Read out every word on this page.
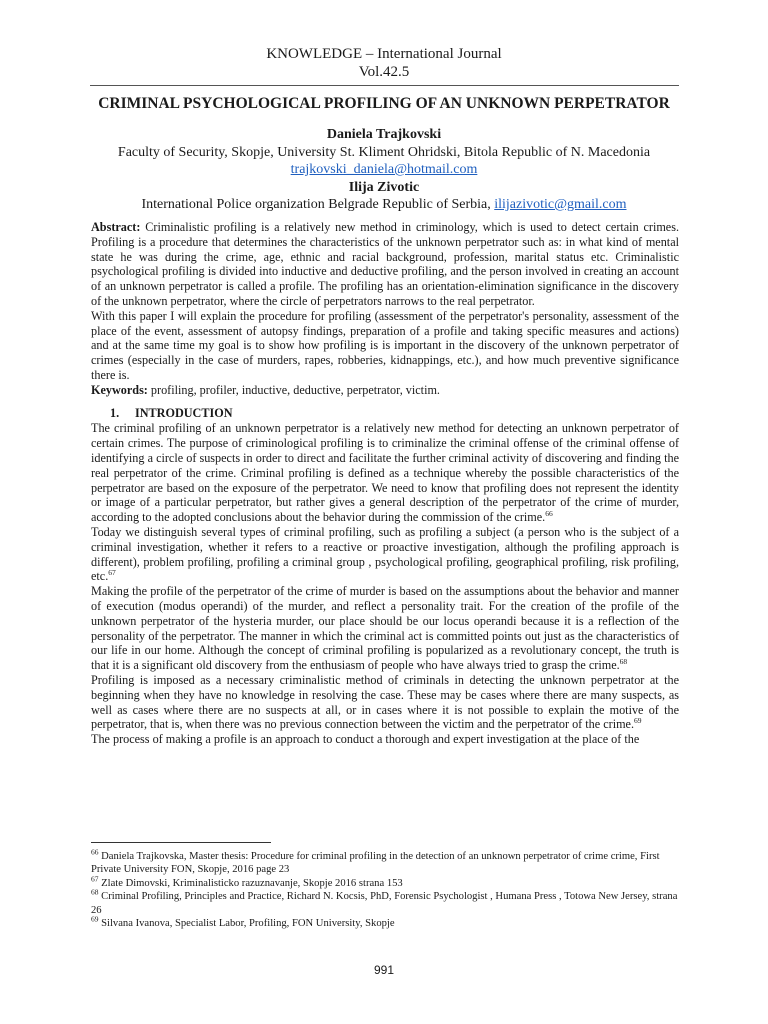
KNOWLEDGE – International Journal
Vol.42.5
CRIMINAL PSYCHOLOGICAL PROFILING OF AN UNKNOWN PERPETRATOR
Daniela Trajkovski
Faculty of Security, Skopje, University St. Kliment Ohridski, Bitola Republic of N. Macedonia
trajkovski_daniela@hotmail.com
Ilija Zivotic
International Police organization Belgrade Republic of Serbia, ilijazivotic@gmail.com

Abstract: Criminalistic profiling is a relatively new method in criminology, which is used to detect certain crimes. Profiling is a procedure that determines the characteristics of the unknown perpetrator such as: in what kind of mental state he was during the crime, age, ethnic and racial background, profession, marital status etc. Criminalistic psychological profiling is divided into inductive and deductive profiling, and the person involved in creating an account of an unknown perpetrator is called a profile. The profiling has an orientation-elimination significance in the discovery of the unknown perpetrator, where the circle of perpetrators narrows to the real perpetrator.

With this paper I will explain the procedure for profiling (assessment of the perpetrator's personality, assessment of the place of the event, assessment of autopsy findings, preparation of a profile and taking specific measures and actions) and at the same time my goal is to show how profiling is is important in the discovery of the unknown perpetrator of crimes (especially in the case of murders, rapes, robberies, kidnappings, etc.), and how much preventive significance there is.

Keywords: profiling, profiler, inductive, deductive, perpetrator, victim.

1. INTRODUCTION

The criminal profiling of an unknown perpetrator is a relatively new method for detecting an unknown perpetrator of certain crimes. The purpose of criminological profiling is to criminalize the criminal offense of the criminal offense of identifying a circle of suspects in order to direct and facilitate the further criminal activity of discovering and finding the real perpetrator of the crime. Criminal profiling is defined as a technique whereby the possible characteristics of the perpetrator are based on the exposure of the perpetrator. We need to know that profiling does not represent the identity or image of a particular perpetrator, but rather gives a general description of the perpetrator of the crime of murder, according to the adopted conclusions about the behavior during the commission of the crime.$^{66}$

Today we distinguish several types of criminal profiling, such as profiling a subject (a person who is the subject of a criminal investigation, whether it refers to a reactive or proactive investigation, although the profiling approach is different), problem profiling, profiling a criminal group , psychological profiling, geographical profiling, risk profiling, etc.$^{67}$

Making the profile of the perpetrator of the crime of murder is based on the assumptions about the behavior and manner of execution (modus operandi) of the murder, and reflect a personality trait. For the creation of the profile of the unknown perpetrator of the hysteria murder, our place should be our locus operandi because it is a reflection of the personality of the perpetrator. The manner in which the criminal act is committed points out just as the characteristics of our life in our home. Although the concept of criminal profiling is popularized as a revolutionary concept, the truth is that it is a significant old discovery from the enthusiasm of people who have always tried to grasp the crime.$^{68}$

Profiling is imposed as a necessary criminalistic method of criminals in detecting the unknown perpetrator at the beginning when they have no knowledge in resolving the case. These may be cases where there are many suspects, as well as cases where there are no suspects at all, or in cases where it is not possible to explain the motive of the perpetrator, that is, when there was no previous connection between the victim and the perpetrator of the crime.$^{69}$

The process of making a profile is an approach to conduct a thorough and expert investigation at the place of the

$^{66}$ Daniela Trajkovska, Master thesis: Procedure for criminal profiling in the detection of an unknown perpetrator of crime crime, First Private University FON, Skopje, 2016 page 23

$^{67}$ Zlate Dimovski, Kriminalisticko razuznavanje, Skopje 2016 strana 153

$^{68}$ Criminal Profiling, Principles and Practice, Richard N. Kocsis, PhD, Forensic Psychologist , Humana Press , Totowa New Jersey, strana 26

$^{69}$ Silvana Ivanova, Specialist Labor, Profiling, FON University, Skopje

991
